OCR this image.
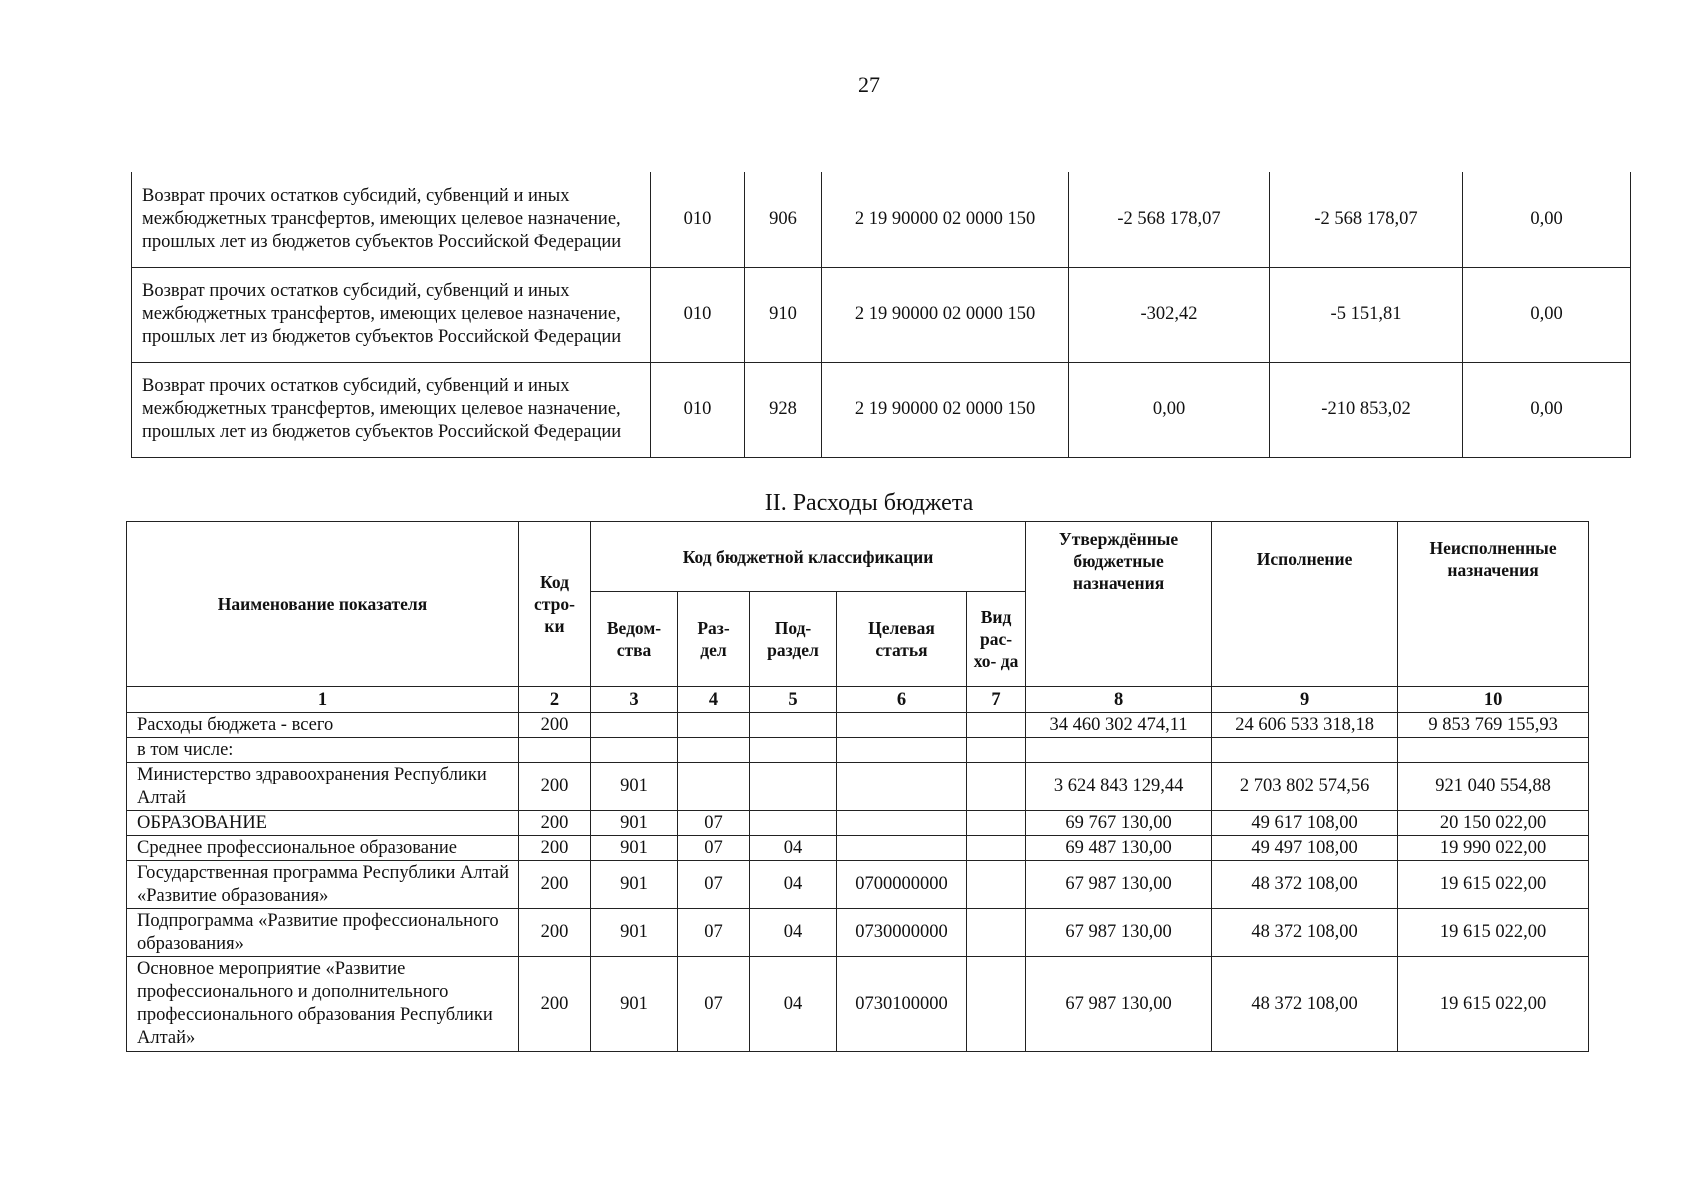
27
Возврат прочих остатков субсидий, субвенций и иных межбюджетных трансфертов, имеющих целевое назначение, прошлых лет из бюджетов субъектов Российской Федерации	010	906	2 19 90000 02 0000 150	-2 568 178,07	-2 568 178,07	0,00
Возврат прочих остатков субсидий, субвенций и иных межбюджетных трансфертов, имеющих целевое назначение, прошлых лет из бюджетов субъектов Российской Федерации	010	910	2 19 90000 02 0000 150	-302,42	-5 151,81	0,00
Возврат прочих остатков субсидий, субвенций и иных межбюджетных трансфертов, имеющих целевое назначение, прошлых лет из бюджетов субъектов Российской Федерации	010	928	2 19 90000 02 0000 150	0,00	-210 853,02	0,00
II. Расходы бюджета
Наименование показателя	Код стро- ки	Код бюджетной классификации					Утверждённые бюджетные назначения	Исполнение	Неисполненные назначения
		Ведом- ства	Раз- дел	Под- раздел	Целевая статья	Вид рас- хо- да			
1	2	3	4	5	6	7	8	9	10
Расходы бюджета - всего	200						34 460 302 474,11	24 606 533 318,18	9 853 769 155,93
в том числе:									
Министерство здравоохранения Республики Алтай	200	901					3 624 843 129,44	2 703 802 574,56	921 040 554,88
ОБРАЗОВАНИЕ	200	901	07				69 767 130,00	49 617 108,00	20 150 022,00
Среднее профессиональное образование	200	901	07	04			69 487 130,00	49 497 108,00	19 990 022,00
Государственная программа Республики Алтай «Развитие образования»	200	901	07	04	0700000000		67 987 130,00	48 372 108,00	19 615 022,00
Подпрограмма «Развитие профессионального образования»	200	901	07	04	0730000000		67 987 130,00	48 372 108,00	19 615 022,00
Основное мероприятие «Развитие профессионального и дополнительного профессионального образования Республики Алтай»	200	901	07	04	0730100000		67 987 130,00	48 372 108,00	19 615 022,00
